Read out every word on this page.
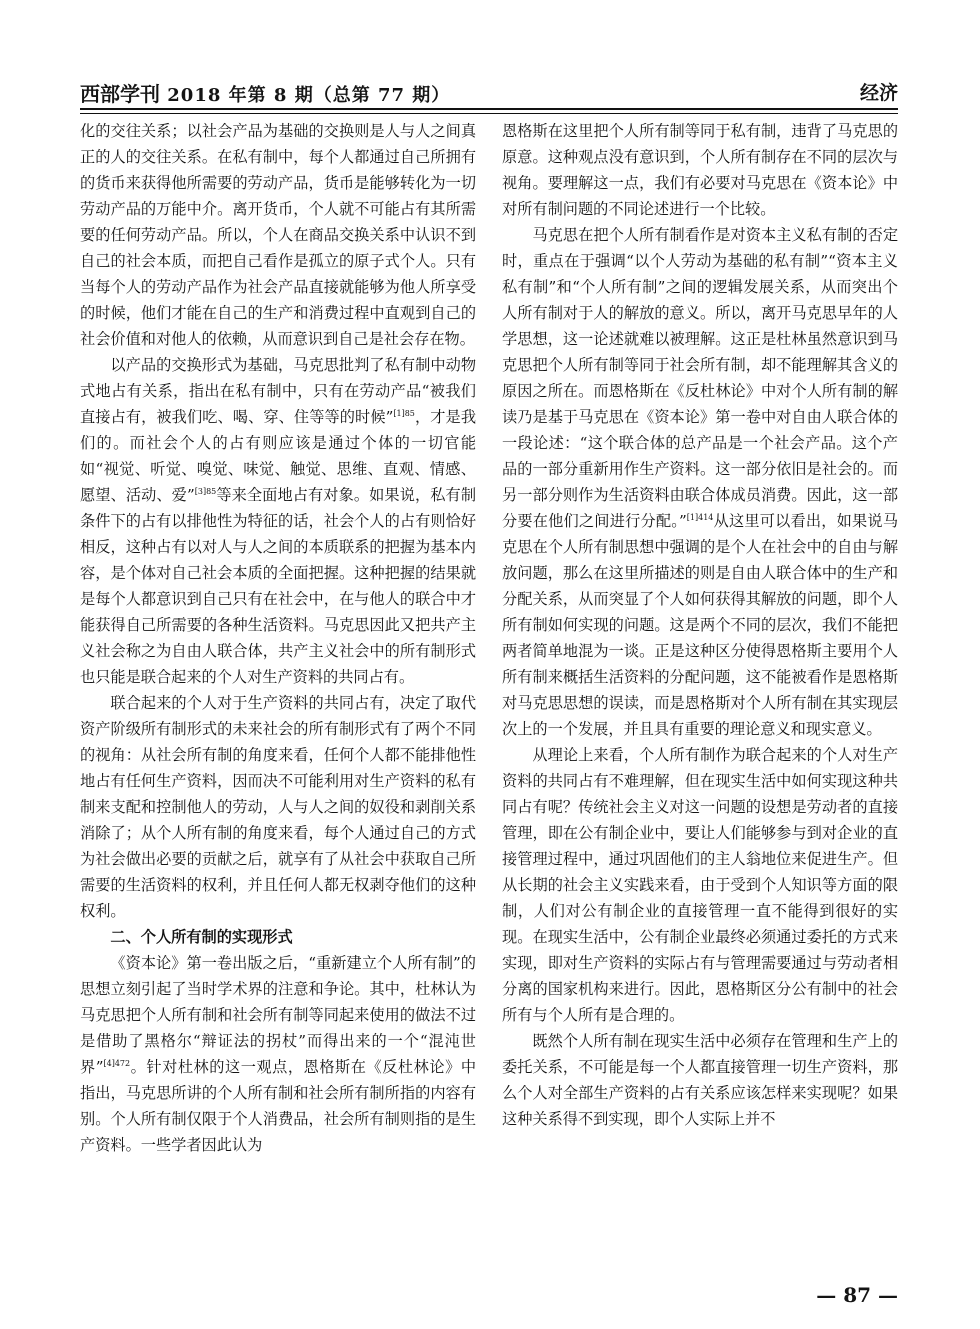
西部学刊 2018 年第 8 期（总第 77 期）	经济

化的交往关系；以社会产品为基础的交换则是人与人之间真正的人的交往关系。在私有制中，每个人都通过自己所拥有的货币来获得他所需要的劳动产品，货币是能够转化为一切劳动产品的万能中介。离开货币，个人就不可能占有其所需要的任何劳动产品。所以，个人在商品交换关系中认识不到自己的社会本质，而把自己看作是孤立的原子式个人。只有当每个人的劳动产品作为社会产品直接就能够为他人所享受的时候，他们才能在自己的生产和消费过程中直观到自己的社会价值和对他人的依赖，从而意识到自己是社会存在物。

以产品的交换形式为基础，马克思批判了私有制中动物式地占有关系，指出在私有制中，只有在劳动产品“被我们直接占有，被我们吃、喝、穿、住等等的时候”$^{[1]85}$，才是我们的。而社会个人的占有则应该是通过个体的一切官能如“视觉、听觉、嗅觉、味觉、触觉、思维、直观、情感、愿望、活动、爱”$^{[3]85}$等来全面地占有对象。如果说，私有制条件下的占有以排他性为特征的话，社会个人的占有则恰好相反，这种占有以对人与人之间的本质联系的把握为基本内容，是个体对自己社会本质的全面把握。这种把握的结果就是每个人都意识到自己只有在社会中，在与他人的联合中才能获得自己所需要的各种生活资料。马克思因此又把共产主义社会称之为自由人联合体，共产主义社会中的所有制形式也只能是联合起来的个人对生产资料的共同占有。

联合起来的个人对于生产资料的共同占有，决定了取代资产阶级所有制形式的未来社会的所有制形式有了两个不同的视角：从社会所有制的角度来看，任何个人都不能排他性地占有任何生产资料，因而决不可能利用对生产资料的私有制来支配和控制他人的劳动，人与人之间的奴役和剥削关系消除了；从个人所有制的角度来看，每个人通过自己的方式为社会做出必要的贡献之后，就享有了从社会中获取自己所需要的生活资料的权利，并且任何人都无权剥夺他们的这种权利。

二、个人所有制的实现形式

《资本论》第一卷出版之后，“重新建立个人所有制”的思想立刻引起了当时学术界的注意和争论。其中，杜林认为马克思把个人所有制和社会所有制等同起来使用的做法不过是借助了黑格尔“辩证法的拐杖”而得出来的一个“混沌世界”$^{[4]472}$。针对杜林的这一观点，恩格斯在《反杜林论》中指出，马克思所讲的个人所有制和社会所有制所指的内容有别。个人所有制仅限于个人消费品，社会所有制则指的是生产资料。一些学者因此认为

恩格斯在这里把个人所有制等同于私有制，违背了马克思的原意。这种观点没有意识到，个人所有制存在不同的层次与视角。要理解这一点，我们有必要对马克思在《资本论》中对所有制问题的不同论述进行一个比较。

马克思在把个人所有制看作是对资本主义私有制的否定时，重点在于强调“以个人劳动为基础的私有制”“资本主义私有制”和“个人所有制”之间的逻辑发展关系，从而突出个人所有制对于人的解放的意义。所以，离开马克思早年的人学思想，这一论述就难以被理解。这正是杜林虽然意识到马克思把个人所有制等同于社会所有制，却不能理解其含义的原因之所在。而恩格斯在《反杜林论》中对个人所有制的解读乃是基于马克思在《资本论》第一卷中对自由人联合体的一段论述：“这个联合体的总产品是一个社会产品。这个产品的一部分重新用作生产资料。这一部分依旧是社会的。而另一部分则作为生活资料由联合体成员消费。因此，这一部分要在他们之间进行分配。”$^{[1]414}$从这里可以看出，如果说马克思在个人所有制思想中强调的是个人在社会中的自由与解放问题，那么在这里所描述的则是自由人联合体中的生产和分配关系，从而突显了个人如何获得其解放的问题，即个人所有制如何实现的问题。这是两个不同的层次，我们不能把两者简单地混为一谈。正是这种区分使得恩格斯主要用个人所有制来概括生活资料的分配问题，这不能被看作是恩格斯对马克思思想的误读，而是恩格斯对个人所有制在其实现层次上的一个发展，并且具有重要的理论意义和现实意义。

从理论上来看，个人所有制作为联合起来的个人对生产资料的共同占有不难理解，但在现实生活中如何实现这种共同占有呢？传统社会主义对这一问题的设想是劳动者的直接管理，即在公有制企业中，要让人们能够参与到对企业的直接管理过程中，通过巩固他们的主人翁地位来促进生产。但从长期的社会主义实践来看，由于受到个人知识等方面的限制，人们对公有制企业的直接管理一直不能得到很好的实现。在现实生活中，公有制企业最终必须通过委托的方式来实现，即对生产资料的实际占有与管理需要通过与劳动者相分离的国家机构来进行。因此，恩格斯区分公有制中的社会所有与个人所有是合理的。

既然个人所有制在现实生活中必须存在管理和生产上的委托关系，不可能是每一个人都直接管理一切生产资料，那么个人对全部生产资料的占有关系应该怎样来实现呢？如果这种关系得不到实现，即个人实际上并不

— 87 —
